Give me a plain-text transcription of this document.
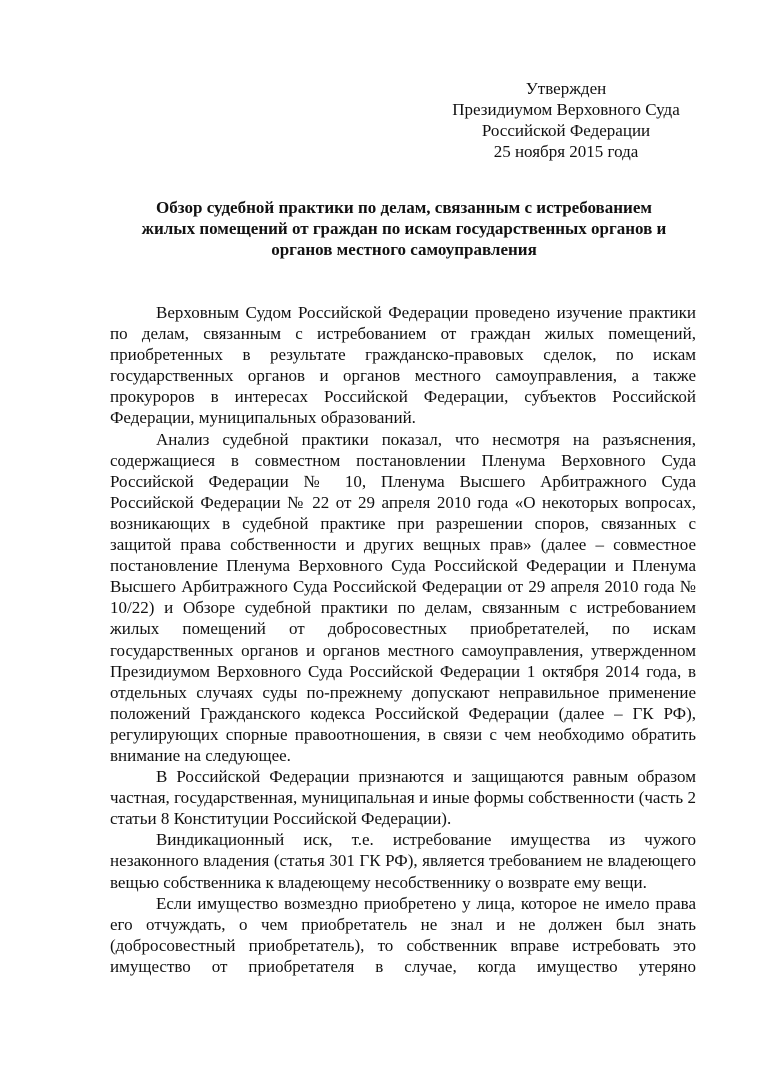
Утвержден
Президиумом Верховного Суда
Российской Федерации
25 ноября 2015 года
Обзор судебной практики по делам, связанным с истребованием
жилых помещений от граждан по искам государственных органов и
органов местного самоуправления

Верховным Судом Российской Федерации проведено изучение практики по делам, связанным с истребованием от граждан жилых помещений, приобретенных в результате гражданско-правовых сделок, по искам государственных органов и органов местного самоуправления, а также прокуроров в интересах Российской Федерации, субъектов Российской Федерации, муниципальных образований.

Анализ судебной практики показал, что несмотря на разъяснения, содержащиеся в совместном постановлении Пленума Верховного Суда Российской Федерации № 10, Пленума Высшего Арбитражного Суда Российской Федерации № 22 от 29 апреля 2010 года «О некоторых вопросах, возникающих в судебной практике при разрешении споров, связанных с защитой права собственности и других вещных прав» (далее – совместное постановление Пленума Верховного Суда Российской Федерации и Пленума Высшего Арбитражного Суда Российской Федерации от 29 апреля 2010 года № 10/22) и Обзоре судебной практики по делам, связанным с истребованием жилых помещений от добросовестных приобретателей, по искам государственных органов и органов местного самоуправления, утвержденном Президиумом Верховного Суда Российской Федерации 1 октября 2014 года, в отдельных случаях суды по-прежнему допускают неправильное применение положений Гражданского кодекса Российской Федерации (далее – ГК РФ), регулирующих спорные правоотношения, в связи с чем необходимо обратить внимание на следующее.

В Российской Федерации признаются и защищаются равным образом частная, государственная, муниципальная и иные формы собственности (часть 2 статьи 8 Конституции Российской Федерации).

Виндикационный иск, т.е. истребование имущества из чужого незаконного владения (статья 301 ГК РФ), является требованием не владеющего вещью собственника к владеющему несобственнику о возврате ему вещи.

Если имущество возмездно приобретено у лица, которое не имело права его отчуждать, о чем приобретатель не знал и не должен был знать (добросовестный приобретатель), то собственник вправе истребовать это имущество от приобретателя в случае, когда имущество утеряно
